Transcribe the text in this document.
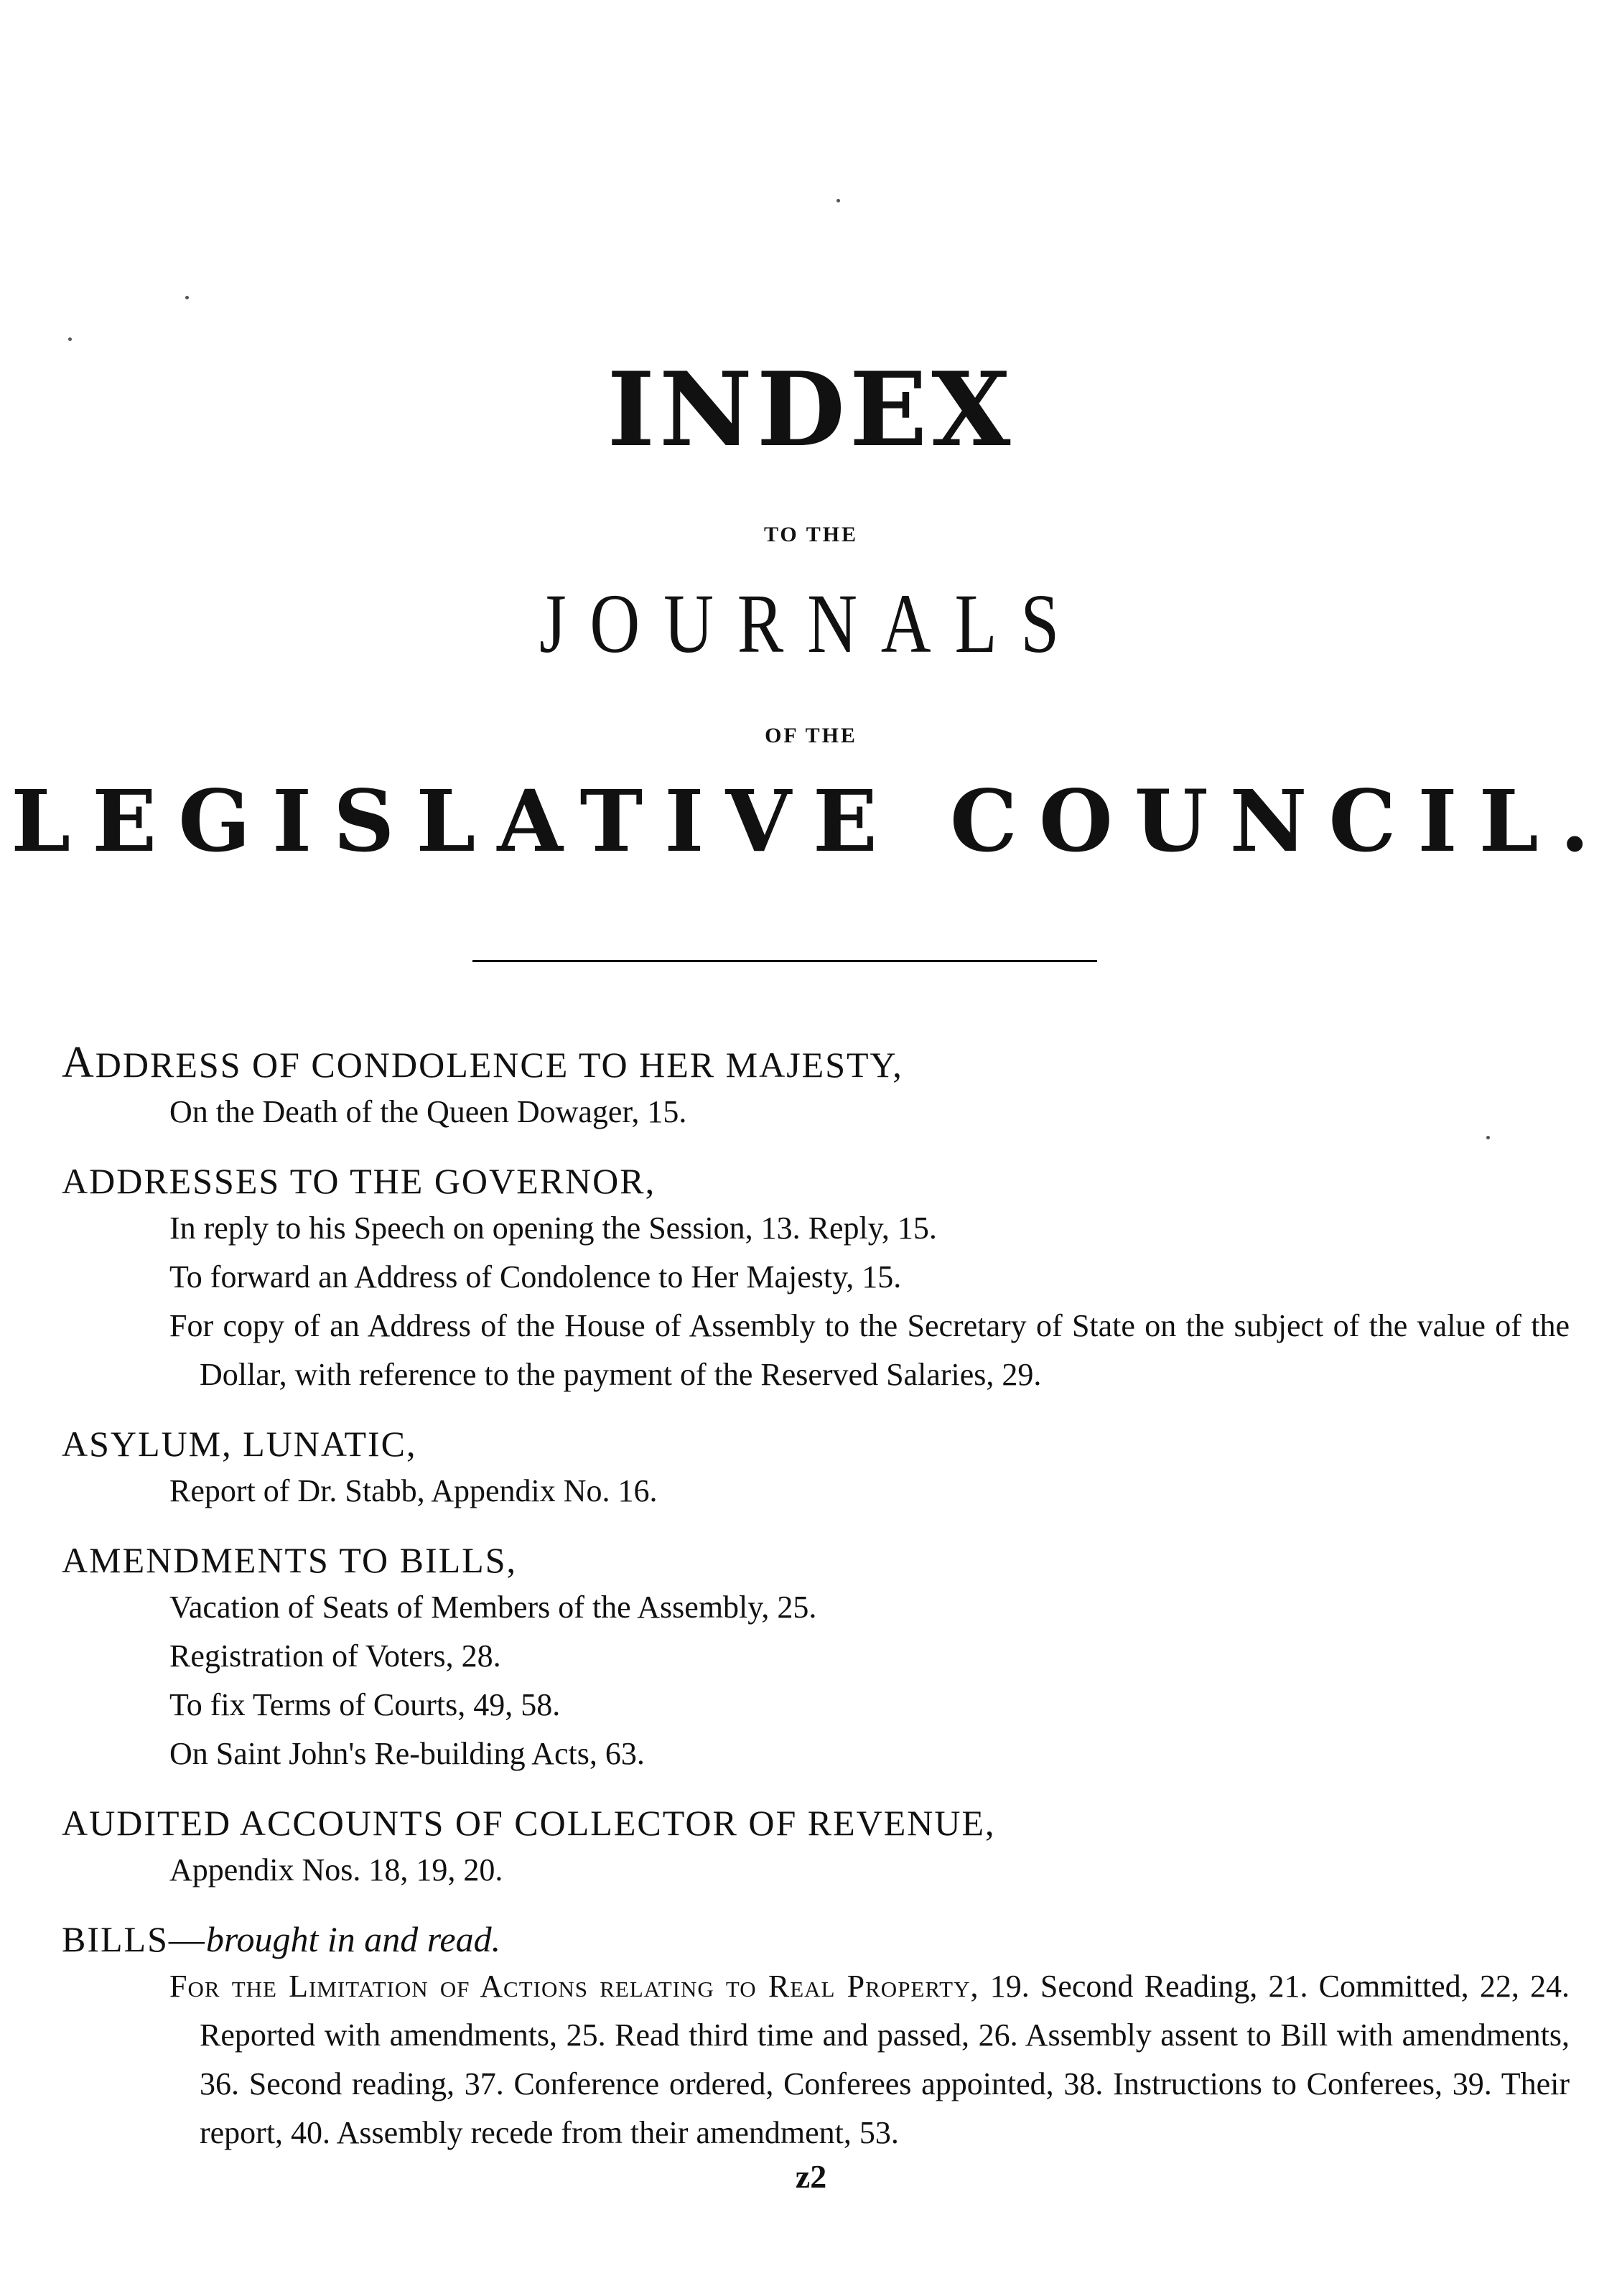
INDEX
TO THE
JOURNALS
OF THE
LEGISLATIVE COUNCIL.
ADDRESS OF CONDOLENCE TO HER MAJESTY,

On the Death of the Queen Dowager, 15.

ADDRESSES TO THE GOVERNOR,

In reply to his Speech on opening the Session, 13. Reply, 15.

To forward an Address of Condolence to Her Majesty, 15.

For copy of an Address of the House of Assembly to the Secretary of State on the subject of the value of the Dollar, with reference to the payment of the Reserved Salaries, 29.

ASYLUM, LUNATIC,

Report of Dr. Stabb, Appendix No. 16.

AMENDMENTS TO BILLS,

Vacation of Seats of Members of the Assembly, 25.

Registration of Voters, 28.

To fix Terms of Courts, 49, 58.

On Saint John's Re-building Acts, 63.

AUDITED ACCOUNTS OF COLLECTOR OF REVENUE,

Appendix Nos. 18, 19, 20.

BILLS—brought in and read.

For the Limitation of Actions relating to Real Property, 19. Second Reading, 21. Committed, 22, 24. Reported with amendments, 25. Read third time and passed, 26. Assembly assent to Bill with amendments, 36. Second reading, 37. Conference ordered, Conferees appointed, 38. Instructions to Conferees, 39. Their report, 40. Assembly recede from their amendment, 53.

z2
